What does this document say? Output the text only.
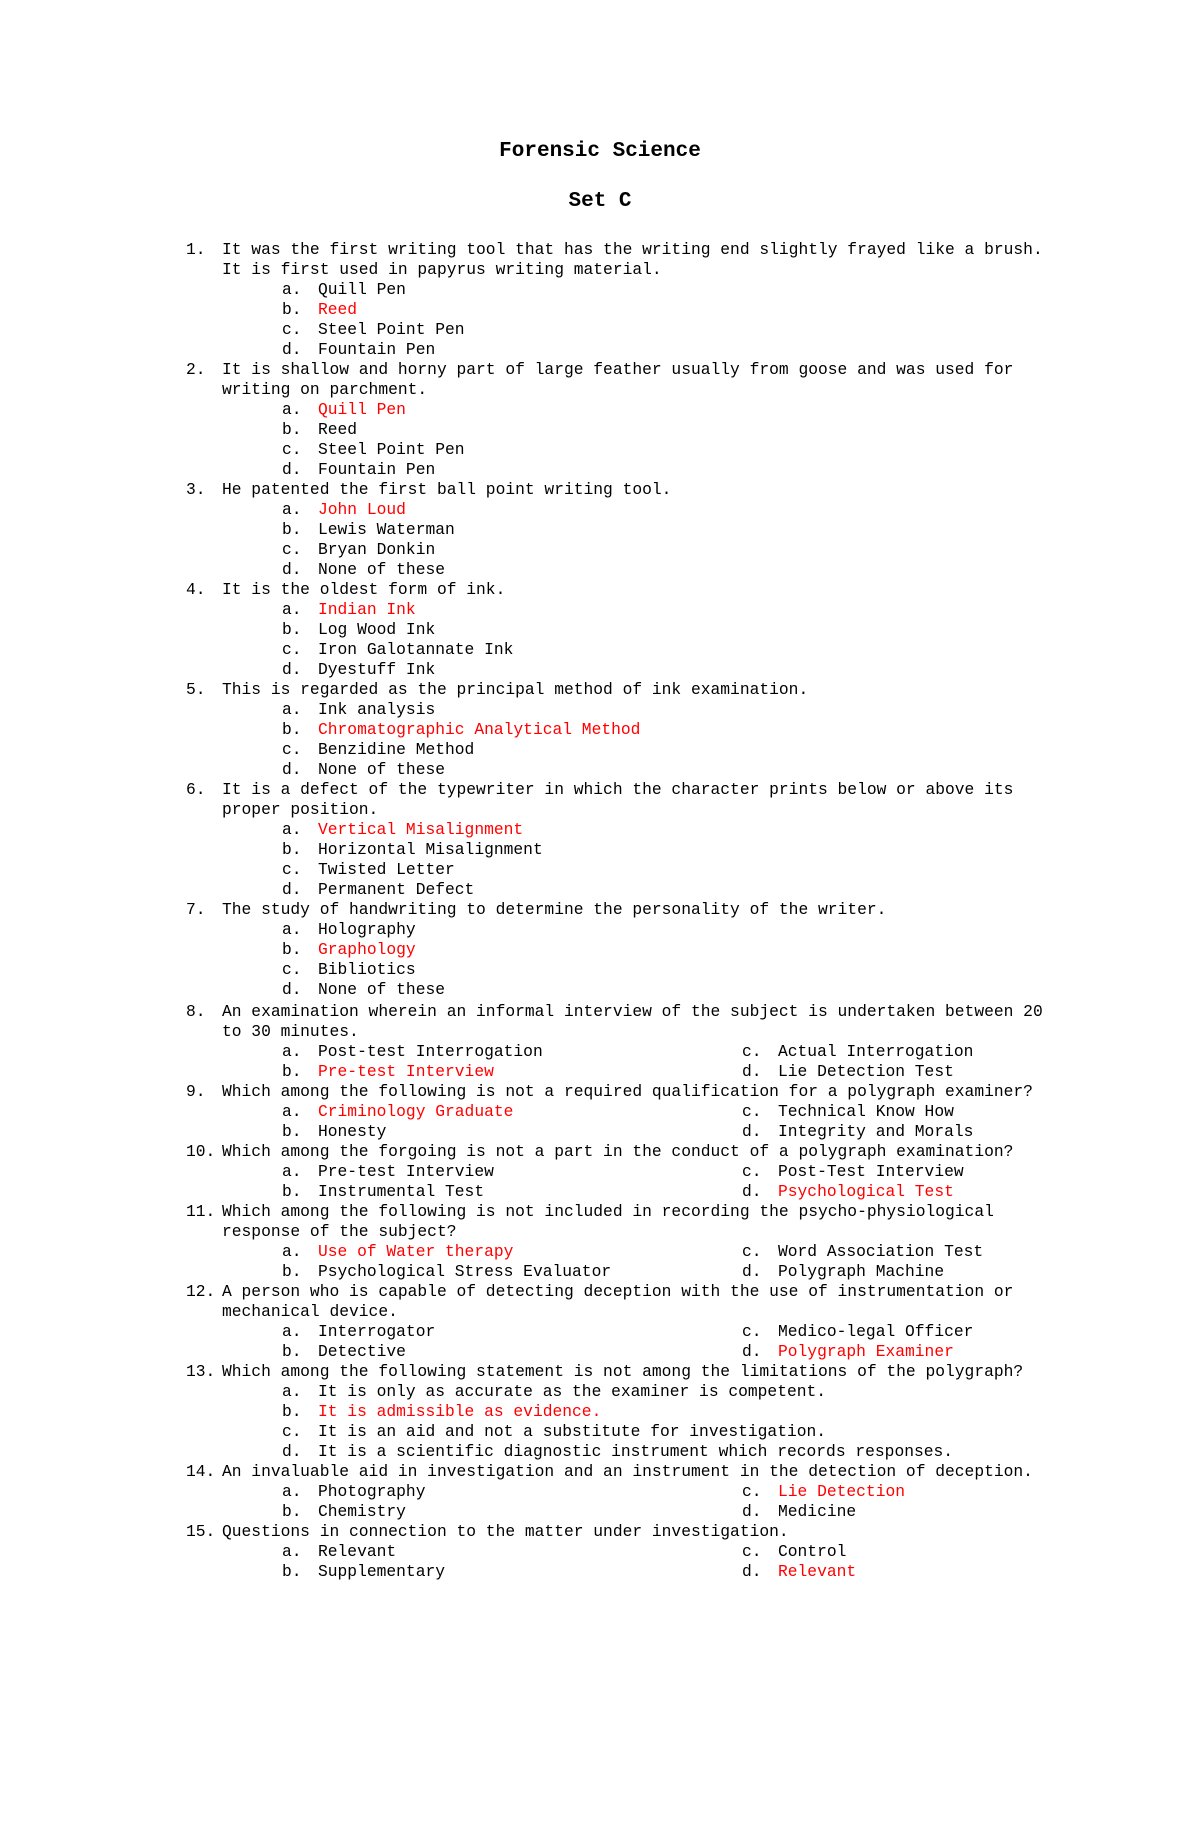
Forensic Science
Set C
1.	It was the first writing tool that has the writing end slightly frayed like a brush. It is first used in papyrus writing material.
a.	Quill Pen
b.	Reed
c.	Steel Point Pen
d.	Fountain Pen
2.	It is shallow and horny part of large feather usually from goose and was used for writing on parchment.
a.	Quill Pen
b.	Reed
c.	Steel Point Pen
d.	Fountain Pen
3.	He patented the first ball point writing tool.
a.	John Loud
b.	Lewis Waterman
c.	Bryan Donkin
d.	None of these
4.	It is the oldest form of ink.
a.	Indian Ink
b.	Log Wood Ink
c.	Iron Galotannate Ink
d.	Dyestuff Ink
5.	This is regarded as the principal method of ink examination.
a.	Ink analysis
b.	Chromatographic Analytical Method
c.	Benzidine Method
d.	None of these
6.	It is a defect of the typewriter in which the character prints below or above its proper position.
a.	Vertical Misalignment
b.	Horizontal Misalignment
c.	Twisted Letter
d.	Permanent Defect
7.	The study of handwriting to determine the personality of the writer.
a.	Holography
b.	Graphology
c.	Bibliotics
d.	None of these
8.	An examination wherein an informal interview of the subject is undertaken between 20 to 30 minutes.
a.	Post-test Interrogation	c.	Actual Interrogation
b.	Pre-test Interview	d.	Lie Detection Test
9.	Which among the following is not a required qualification for a polygraph examiner?
a.	Criminology Graduate	c.	Technical Know How
b.	Honesty	d.	Integrity and Morals
10. Which among the forgoing is not a part in the conduct of a polygraph examination?
a.	Pre-test Interview	c.	Post-Test Interview
b.	Instrumental Test	d.	Psychological Test
11. Which among the following is not included in recording the psycho-physiological response of the subject?
a.	Use of Water therapy	c.	Word Association Test
b.	Psychological Stress Evaluator	d.	Polygraph Machine
12. A person who is capable of detecting deception with the use of instrumentation or mechanical device.
a.	Interrogator	c.	Medico-legal Officer
b.	Detective	d.	Polygraph Examiner
13. Which among the following statement is not among the limitations of the polygraph?
a.	It is only as accurate as the examiner is competent.
b.	It is admissible as evidence.
c.	It is an aid and not a substitute for investigation.
d.	It is a scientific diagnostic instrument which records responses.
14. An invaluable aid in investigation and an instrument in the detection of deception.
a.	Photography	c.	Lie Detection
b.	Chemistry	d.	Medicine
15. Questions in connection to the matter under investigation.
a.	Relevant	c.	Control
b.	Supplementary	d.	Relevant
